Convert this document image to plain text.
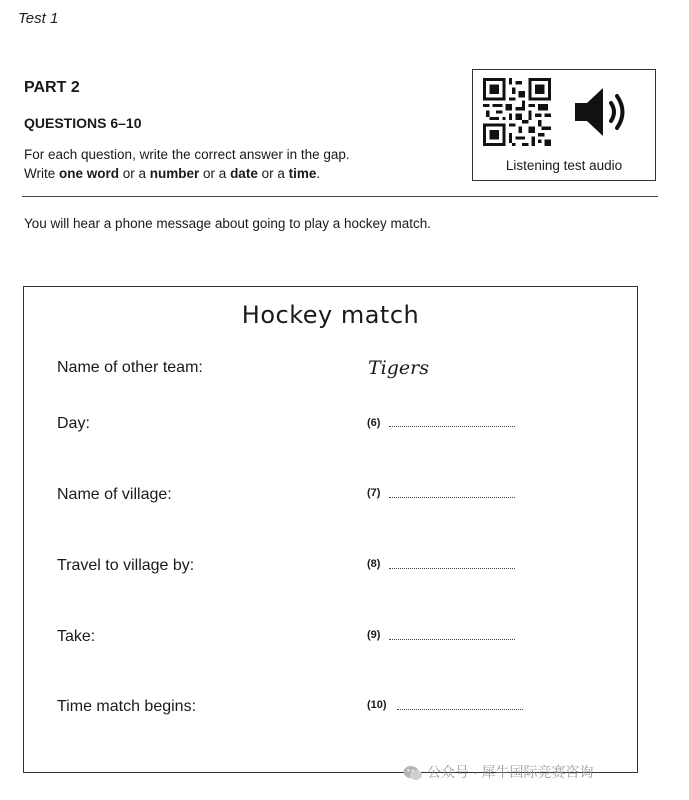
Test 1
PART 2
QUESTIONS 6–10
For each question, write the correct answer in the gap.
Write one word or a number or a date or a time.
Listening test audio
You will hear a phone message about going to play a hockey match.
Hockey match
Name of other team:	Tigers
Day:	(6)
Name of village:	(7)
Travel to village by:	(8)
Take:	(9)
Time match begins:	(10)
公众号 · 犀牛国际竞赛咨询
